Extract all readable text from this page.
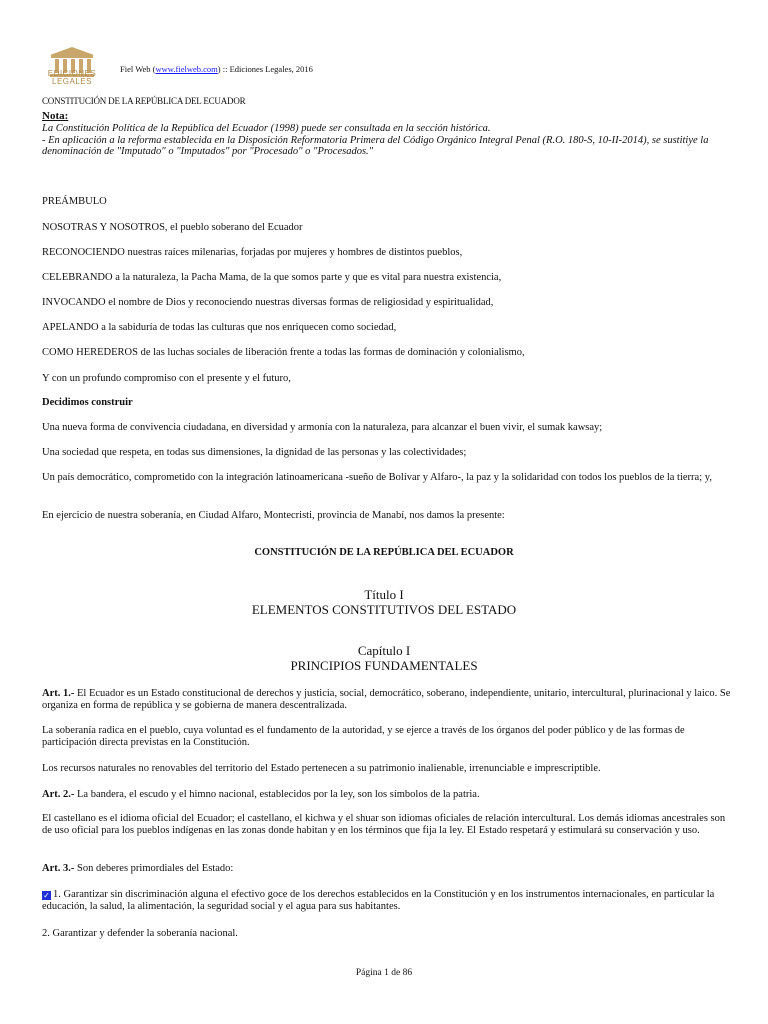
EDICIONES
LEGALES
Fiel Web (www.fielweb.com) :: Ediciones Legales, 2016
CONSTITUCIÓN DE LA REPÚBLICA DEL ECUADOR
Nota:
La Constitución Política de la República del Ecuador (1998) puede ser consultada en la sección histórica.
- En aplicación a la reforma establecida en la Disposición Reformatoria Primera del Código Orgánico Integral Penal (R.O. 180-S, 10-II-2014), se sustitiye la denominación de "Imputado" o "Imputados" por "Procesado" o "Procesados."
PREÁMBULO
NOSOTRAS Y NOSOTROS, el pueblo soberano del Ecuador
RECONOCIENDO nuestras raíces milenarias, forjadas por mujeres y hombres de distintos pueblos,
CELEBRANDO a la naturaleza, la Pacha Mama, de la que somos parte y que es vital para nuestra existencia,
INVOCANDO el nombre de Dios y reconociendo nuestras diversas formas de religiosidad y espiritualidad,
APELANDO a la sabiduría de todas las culturas que nos enriquecen como sociedad,
COMO HEREDEROS de las luchas sociales de liberación frente a todas las formas de dominación y colonialismo,
Y con un profundo compromiso con el presente y el futuro,
Decidimos construir
Una nueva forma de convivencia ciudadana, en diversidad y armonía con la naturaleza, para alcanzar el buen vivir, el sumak kawsay;
Una sociedad que respeta, en todas sus dimensiones, la dignidad de las personas y las colectividades;
Un país democrático, comprometido con la integración latinoamericana -sueño de Bolívar y Alfaro-, la paz y la solidaridad con todos los pueblos de la tierra; y,
En ejercicio de nuestra soberanía, en Ciudad Alfaro, Montecristi, provincia de Manabí, nos damos la presente:
CONSTITUCIÓN DE LA REPÚBLICA DEL ECUADOR
Título I
ELEMENTOS CONSTITUTIVOS DEL ESTADO
Capítulo I
PRINCIPIOS FUNDAMENTALES
Art. 1.- El Ecuador es un Estado constitucional de derechos y justicia, social, democrático, soberano, independiente, unitario, intercultural, plurinacional y laico. Se organiza en forma de república y se gobierna de manera descentralizada.
La soberanía radica en el pueblo, cuya voluntad es el fundamento de la autoridad, y se ejerce a través de los órganos del poder público y de las formas de participación directa previstas en la Constitución.
Los recursos naturales no renovables del territorio del Estado pertenecen a su patrimonio inalienable, irrenunciable e imprescriptible.
Art. 2.- La bandera, el escudo y el himno nacional, establecidos por la ley, son los símbolos de la patria.
El castellano es el idioma oficial del Ecuador; el castellano, el kichwa y el shuar son idiomas oficiales de relación intercultural. Los demás idiomas ancestrales son de uso oficial para los pueblos indígenas en las zonas donde habitan y en los términos que fija la ley. El Estado respetará y estimulará su conservación y uso.
Art. 3.- Son deberes primordiales del Estado:
✓ 1. Garantizar sin discriminación alguna el efectivo goce de los derechos establecidos en la Constitución y en los instrumentos internacionales, en particular la educación, la salud, la alimentación, la seguridad social y el agua para sus habitantes.
2. Garantizar y defender la soberanía nacional.
Página 1 de 86
